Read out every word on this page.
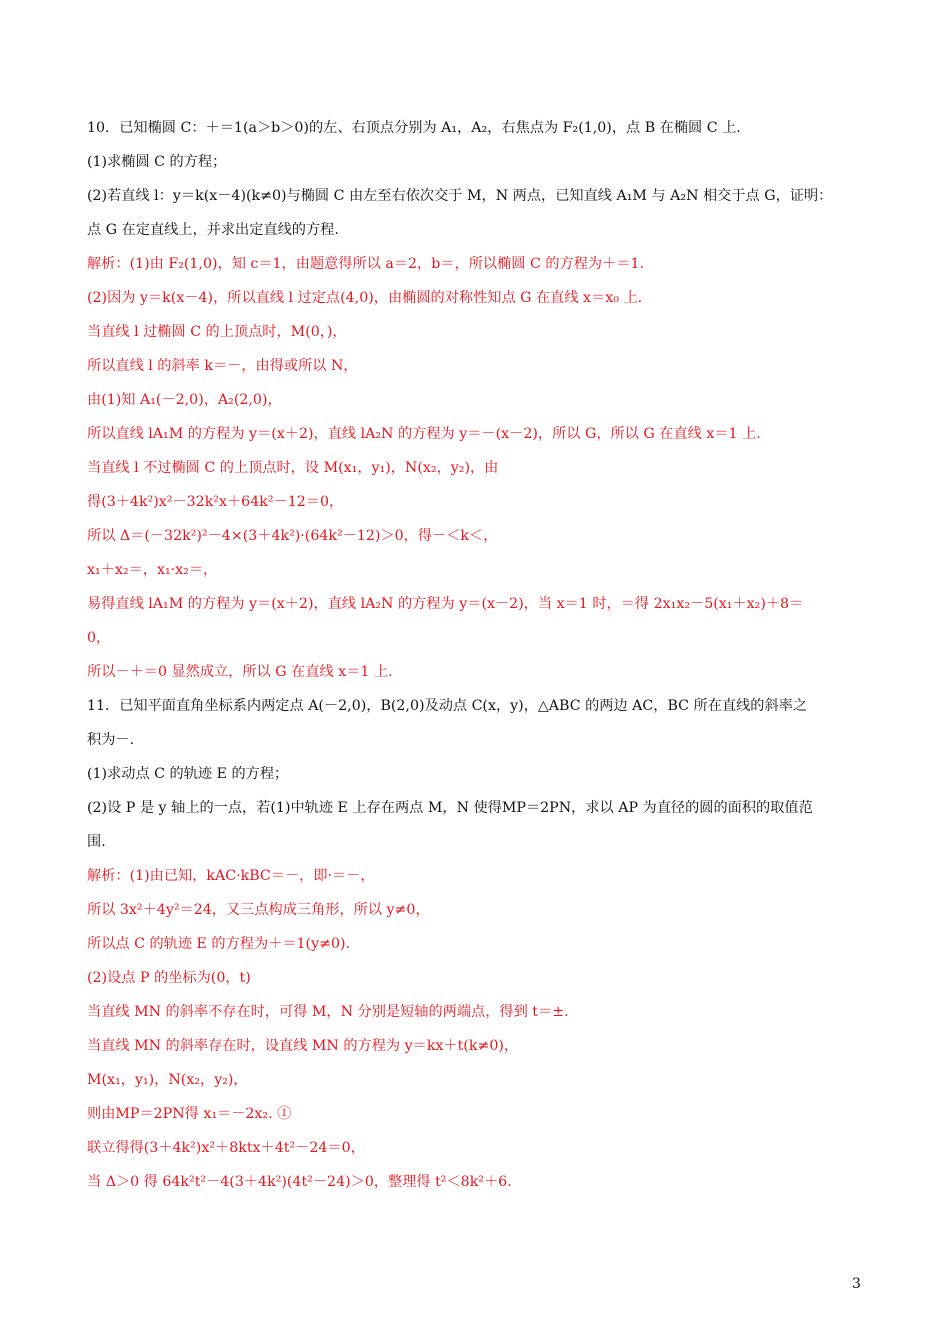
10．已知椭圆 C：＋＝1(a＞b＞0)的左、右顶点分别为 A₁，A₂，右焦点为 F₂(1,0)，点 B 在椭圆 C 上.
(1)求椭圆 C 的方程；
(2)若直线 l：y＝k(x－4)(k≠0)与椭圆 C 由左至右依次交于 M，N 两点，已知直线 A₁M 与 A₂N 相交于点 G，证明：
点 G 在定直线上，并求出定直线的方程.
解析：(1)由 F₂(1,0)，知 c＝1，由题意得所以 a＝2，b＝，所以椭圆 C 的方程为＋＝1.
(2)因为 y＝k(x－4)，所以直线 l 过定点(4,0)，由椭圆的对称性知点 G 在直线 x＝x₀ 上.
当直线 l 过椭圆 C 的上顶点时，M(0，)，
所以直线 l 的斜率 k＝－，由得或所以 N，
由(1)知 A₁(－2,0)，A₂(2,0)，
所以直线 lA₁M 的方程为 y＝(x＋2)，直线 lA₂N 的方程为 y＝－(x－2)，所以 G，所以 G 在直线 x＝1 上.
当直线 l 不过椭圆 C 的上顶点时，设 M(x₁，y₁)，N(x₂，y₂)，由
得(3＋4k²)x²－32k²x＋64k²－12＝0，
所以 Δ＝(－32k²)²－4×(3＋4k²)·(64k²－12)＞0，得－＜k＜，
x₁＋x₂＝，x₁·x₂＝，
易得直线 lA₁M 的方程为 y＝(x＋2)，直线 lA₂N 的方程为 y＝(x－2)，当 x＝1 时，＝得 2x₁x₂－5(x₁＋x₂)＋8＝
0，
所以－＋＝0 显然成立，所以 G 在直线 x＝1 上.
11．已知平面直角坐标系内两定点 A(－2,0)，B(2,0)及动点 C(x，y)，△ABC 的两边 AC，BC 所在直线的斜率之
积为－.
(1)求动点 C 的轨迹 E 的方程；
(2)设 P 是 y 轴上的一点，若(1)中轨迹 E 上存在两点 M，N 使得MP＝2PN，求以 AP 为直径的圆的面积的取值范
围.
解析：(1)由已知，kAC·kBC＝－，即·＝－，
所以 3x²＋4y²＝24，又三点构成三角形，所以 y≠0，
所以点 C 的轨迹 E 的方程为＋＝1(y≠0).
(2)设点 P 的坐标为(0，t)
当直线 MN 的斜率不存在时，可得 M，N 分别是短轴的两端点，得到 t＝±.
当直线 MN 的斜率存在时，设直线 MN 的方程为 y＝kx＋t(k≠0)，
M(x₁，y₁)，N(x₂，y₂)，
则由MP＝2PN得 x₁＝－2x₂. ①
联立得得(3＋4k²)x²＋8ktx＋4t²－24＝0，
当 Δ＞0 得 64k²t²－4(3＋4k²)(4t²－24)＞0，整理得 t²＜8k²＋6.
3
